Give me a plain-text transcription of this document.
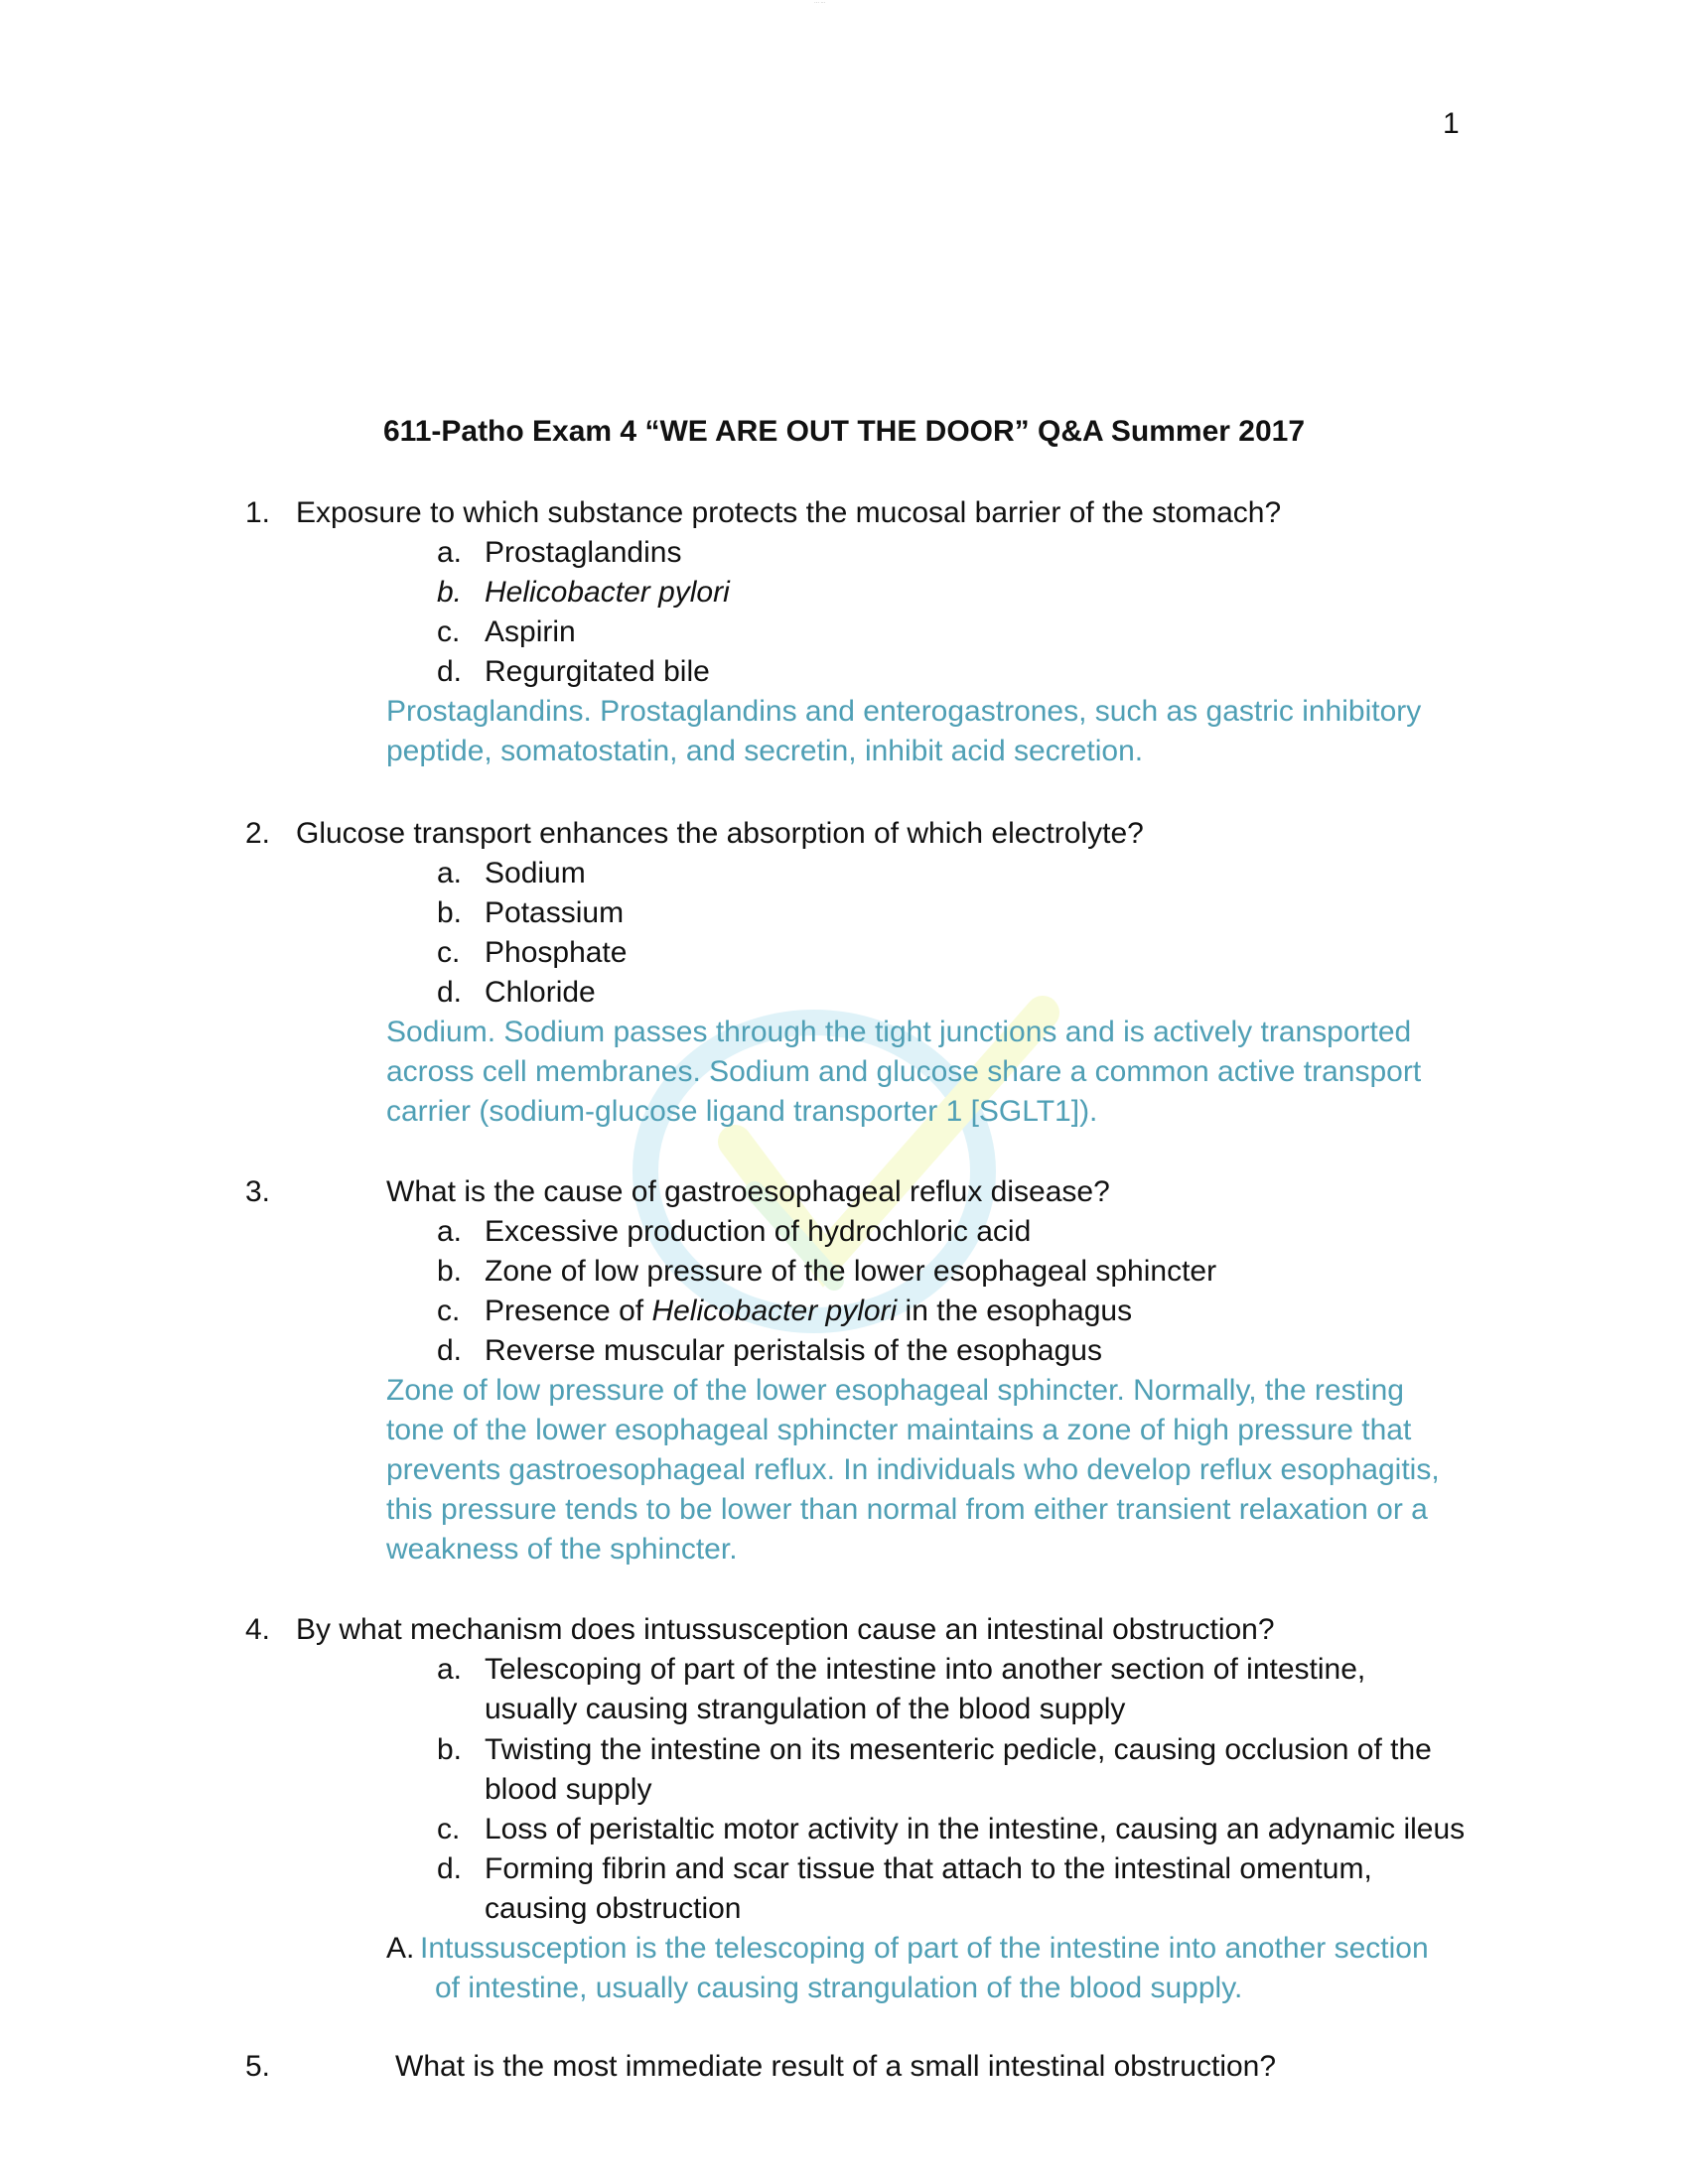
··· ···
1
611-Patho Exam 4 “WE ARE OUT THE DOOR” Q&A Summer 2017
1. Exposure to which substance protects the mucosal barrier of the stomach?
a. Prostaglandins
b. Helicobacter pylori
c. Aspirin
d. Regurgitated bile
Prostaglandins. Prostaglandins and enterogastrones, such as gastric inhibitory
peptide, somatostatin, and secretin, inhibit acid secretion.
2. Glucose transport enhances the absorption of which electrolyte?
a. Sodium
b. Potassium
c. Phosphate
d. Chloride
Sodium. Sodium passes through the tight junctions and is actively transported
across cell membranes. Sodium and glucose share a common active transport
carrier (sodium-glucose ligand transporter 1 [SGLT1]).
3.	What is the cause of gastroesophageal reflux disease?
a. Excessive production of hydrochloric acid
b. Zone of low pressure of the lower esophageal sphincter
c. Presence of Helicobacter pylori in the esophagus
d. Reverse muscular peristalsis of the esophagus
Zone of low pressure of the lower esophageal sphincter. Normally, the resting
tone of the lower esophageal sphincter maintains a zone of high pressure that
prevents gastroesophageal reflux. In individuals who develop reflux esophagitis,
this pressure tends to be lower than normal from either transient relaxation or a
weakness of the sphincter.
4. By what mechanism does intussusception cause an intestinal obstruction?
a. Telescoping of part of the intestine into another section of intestine,
usually causing strangulation of the blood supply
b. Twisting the intestine on its mesenteric pedicle, causing occlusion of the
blood supply
c. Loss of peristaltic motor activity in the intestine, causing an adynamic ileus
d. Forming fibrin and scar tissue that attach to the intestinal omentum,
causing obstruction
A. Intussusception is the telescoping of part of the intestine into another section
of intestine, usually causing strangulation of the blood supply.
5.	What is the most immediate result of a small intestinal obstruction?
